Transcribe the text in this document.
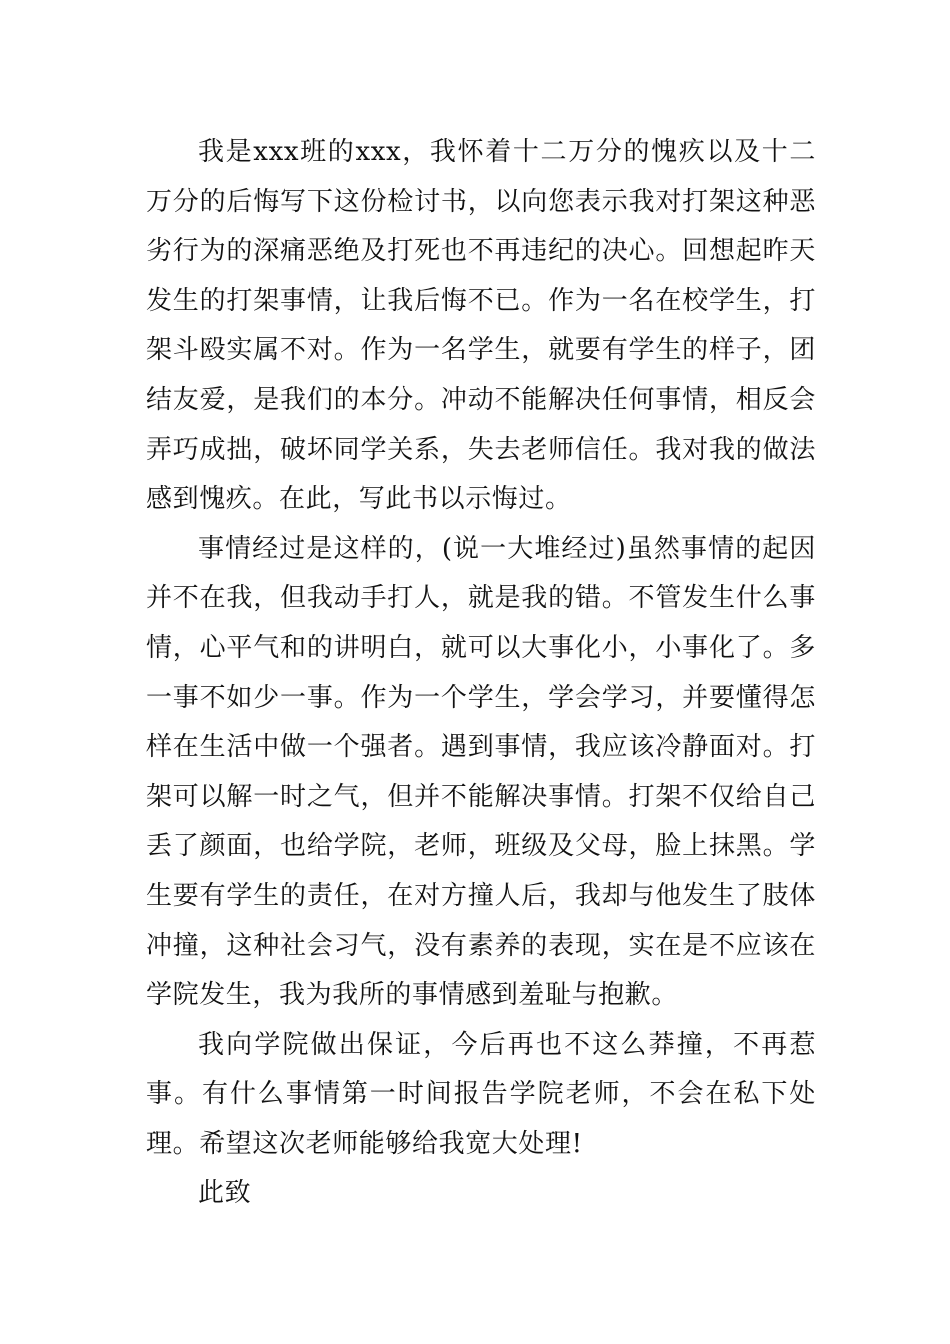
我是xxx班的xxx，我怀着十二万分的愧疚以及十二万分的后悔写下这份检讨书，以向您表示我对打架这种恶劣行为的深痛恶绝及打死也不再违纪的决心。回想起昨天发生的打架事情，让我后悔不已。作为一名在校学生，打架斗殴实属不对。作为一名学生，就要有学生的样子，团结友爱，是我们的本分。冲动不能解决任何事情，相反会弄巧成拙，破坏同学关系，失去老师信任。我对我的做法感到愧疚。在此，写此书以示悔过。

事情经过是这样的，(说一大堆经过)虽然事情的起因并不在我，但我动手打人，就是我的错。不管发生什么事情，心平气和的讲明白，就可以大事化小，小事化了。多一事不如少一事。作为一个学生，学会学习，并要懂得怎样在生活中做一个强者。遇到事情，我应该冷静面对。打架可以解一时之气，但并不能解决事情。打架不仅给自己丢了颜面，也给学院，老师，班级及父母，脸上抹黑。学生要有学生的责任，在对方撞人后，我却与他发生了肢体冲撞，这种社会习气，没有素养的表现，实在是不应该在学院发生，我为我所的事情感到羞耻与抱歉。

我向学院做出保证，今后再也不这么莽撞，不再惹事。有什么事情第一时间报告学院老师，不会在私下处理。希望这次老师能够给我宽大处理!

此致
